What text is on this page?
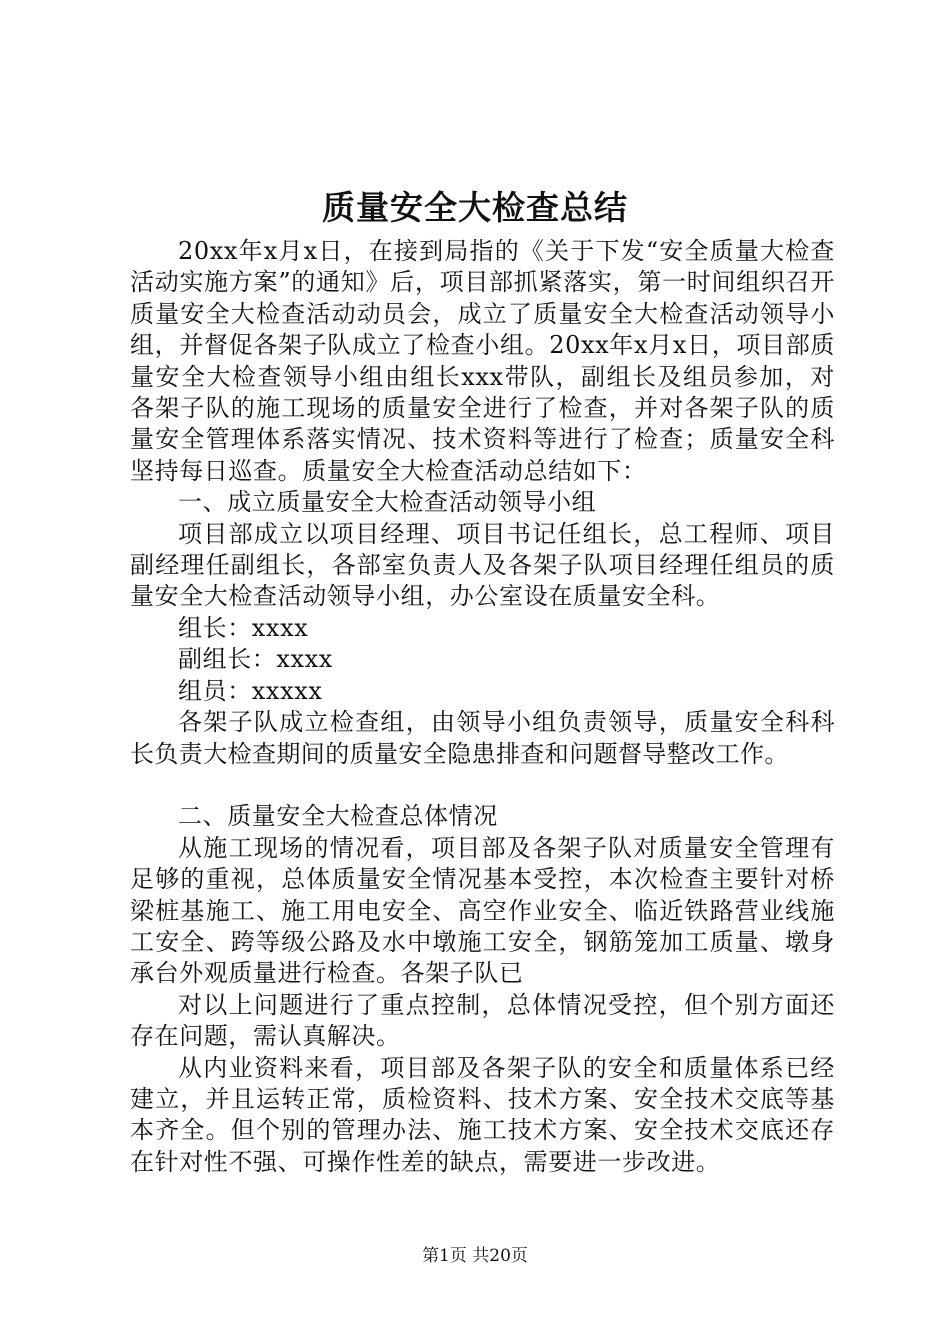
质量安全大检查总结

20xx年x月x日，在接到局指的《关于下发“安全质量大检查活动实施方案”的通知》后，项目部抓紧落实，第一时间组织召开质量安全大检查活动动员会，成立了质量安全大检查活动领导小组，并督促各架子队成立了检查小组。20xx年x月x日，项目部质量安全大检查领导小组由组长xxx带队，副组长及组员参加，对各架子队的施工现场的质量安全进行了检查，并对各架子队的质量安全管理体系落实情况、技术资料等进行了检查；质量安全科坚持每日巡查。质量安全大检查活动总结如下：

一、成立质量安全大检查活动领导小组

项目部成立以项目经理、项目书记任组长，总工程师、项目副经理任副组长，各部室负责人及各架子队项目经理任组员的质量安全大检查活动领导小组，办公室设在质量安全科。

组长：xxxx

副组长：xxxx

组员：xxxxx

各架子队成立检查组，由领导小组负责领导，质量安全科科长负责大检查期间的质量安全隐患排查和问题督导整改工作。

二、质量安全大检查总体情况

从施工现场的情况看，项目部及各架子队对质量安全管理有足够的重视，总体质量安全情况基本受控，本次检查主要针对桥梁桩基施工、施工用电安全、高空作业安全、临近铁路营业线施工安全、跨等级公路及水中墩施工安全，钢筋笼加工质量、墩身承台外观质量进行检查。各架子队已

对以上问题进行了重点控制，总体情况受控，但个别方面还存在问题，需认真解决。

从内业资料来看，项目部及各架子队的安全和质量体系已经建立，并且运转正常，质检资料、技术方案、安全技术交底等基本齐全。但个别的管理办法、施工技术方案、安全技术交底还存在针对性不强、可操作性差的缺点，需要进一步改进。

第1页 共20页
